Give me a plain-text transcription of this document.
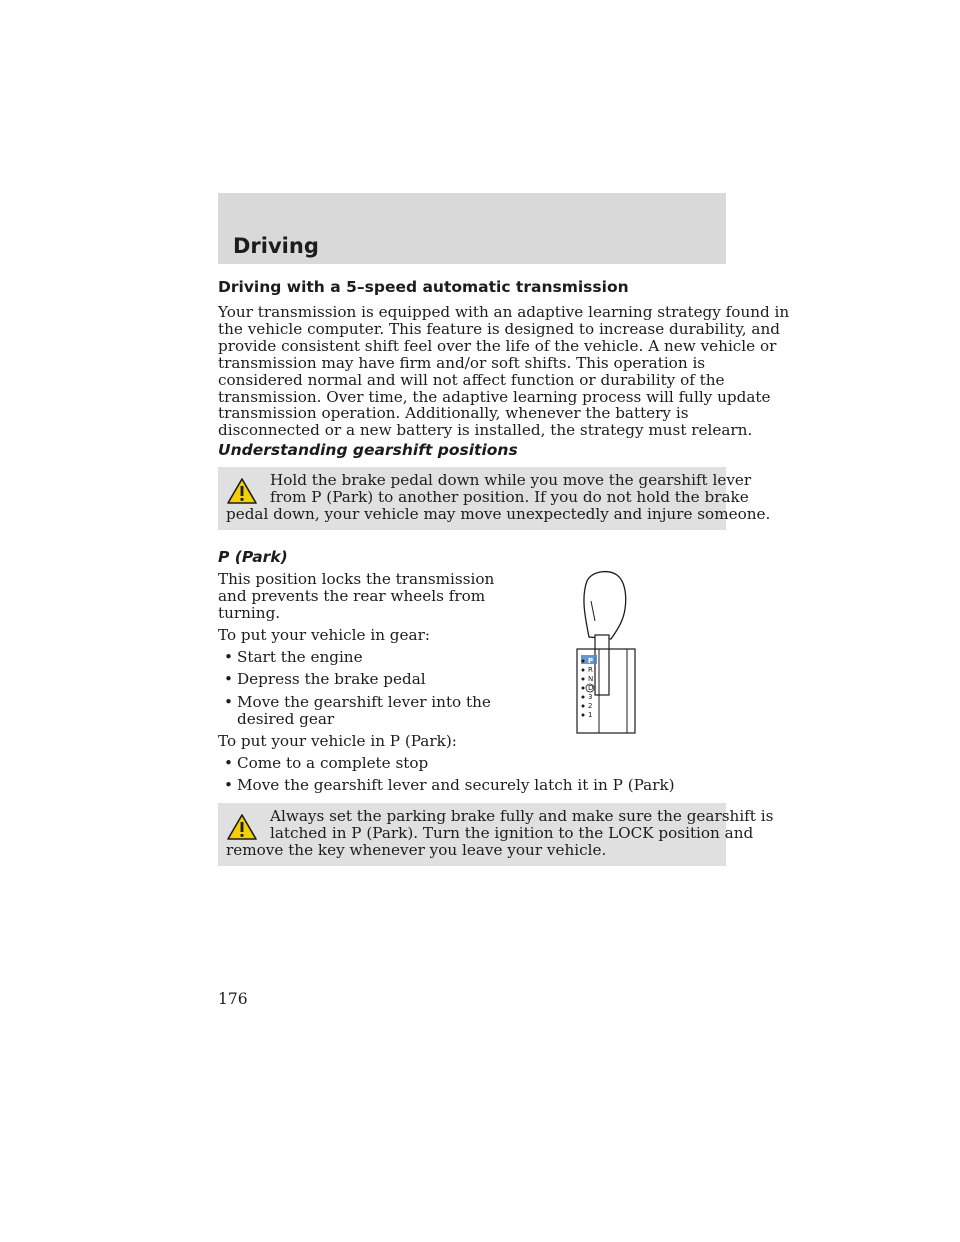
Driving
Driving with a 5–speed automatic transmission
Your transmission is equipped with an adaptive learning strategy found in
the vehicle computer. This feature is designed to increase durability, and
provide consistent shift feel over the life of the vehicle. A new vehicle or
transmission may have firm and/or soft shifts. This operation is
considered normal and will not affect function or durability of the
transmission. Over time, the adaptive learning process will fully update
transmission operation. Additionally, whenever the battery is
disconnected or a new battery is installed, the strategy must relearn.
Understanding gearshift positions
Hold the brake pedal down while you move the gearshift lever
from P (Park) to another position. If you do not hold the brake
pedal down, your vehicle may move unexpectedly and injure someone.
P (Park)
This position locks the transmission
and prevents the rear wheels from
turning.
To put your vehicle in gear:
• Start the engine
• Depress the brake pedal
• Move the gearshift lever into the
desired gear
To put your vehicle in P (Park):
• Come to a complete stop
• Move the gearshift lever and securely latch it in P (Park)
P
R
N
D
3
2
1
Always set the parking brake fully and make sure the gearshift is
latched in P (Park). Turn the ignition to the LOCK position and
remove the key whenever you leave your vehicle.
176
